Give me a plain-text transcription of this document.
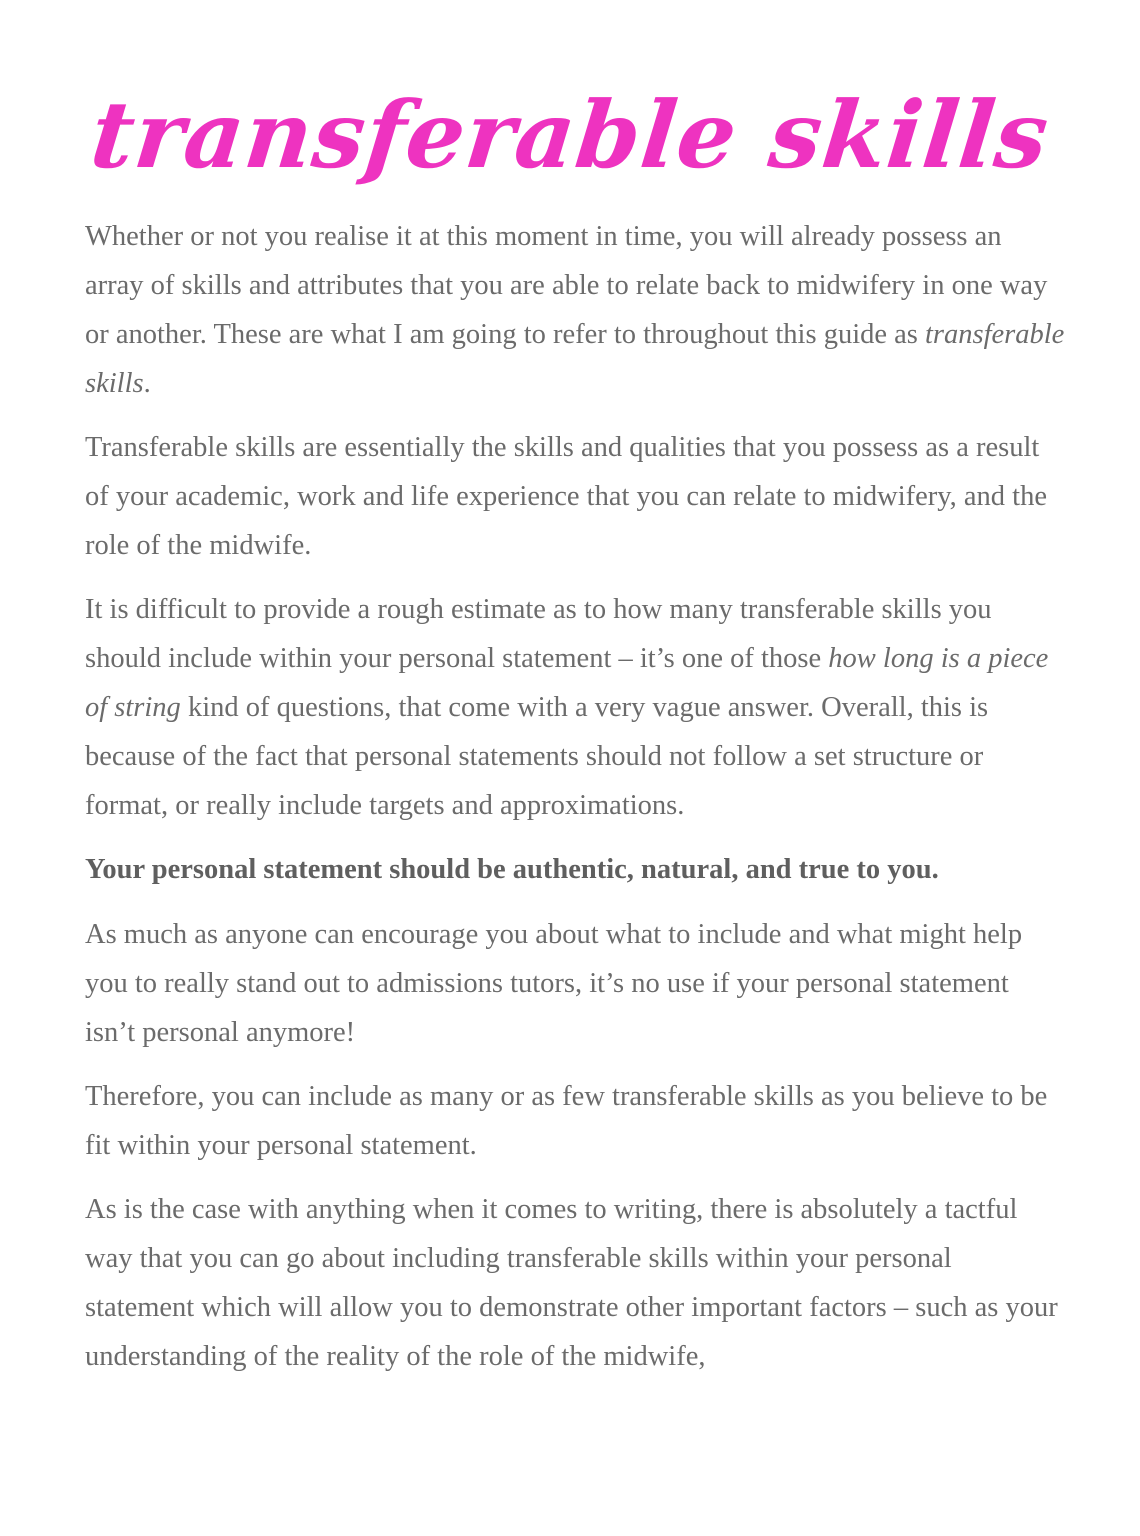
transferable skills

Whether or not you realise it at this moment in time, you will already possess an array of skills and attributes that you are able to relate back to midwifery in one way or another. These are what I am going to refer to throughout this guide as transferable skills.

Transferable skills are essentially the skills and qualities that you possess as a result of your academic, work and life experience that you can relate to midwifery, and the role of the midwife.

It is difficult to provide a rough estimate as to how many transferable skills you should include within your personal statement – it’s one of those how long is a piece of string kind of questions, that come with a very vague answer. Overall, this is because of the fact that personal statements should not follow a set structure or format, or really include targets and approximations.

Your personal statement should be authentic, natural, and true to you.

As much as anyone can encourage you about what to include and what might help you to really stand out to admissions tutors, it’s no use if your personal statement isn’t personal anymore!

Therefore, you can include as many or as few transferable skills as you believe to be fit within your personal statement.

As is the case with anything when it comes to writing, there is absolutely a tactful way that you can go about including transferable skills within your personal statement which will allow you to demonstrate other important factors – such as your understanding of the reality of the role of the midwife,
